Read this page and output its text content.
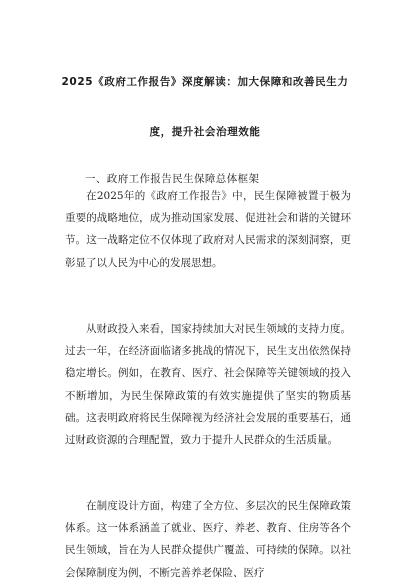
2025《政府工作报告》深度解读：加大保障和改善民生力
度，提升社会治理效能
一、政府工作报告民生保障总体框架

在2025年的《政府工作报告》中，民生保障被置于极为重要的战略地位，成为推动国家发展、促进社会和谐的关键环节。这一战略定位不仅体现了政府对人民需求的深刻洞察，更彰显了以人民为中心的发展思想。

从财政投入来看，国家持续加大对民生领域的支持力度。过去一年，在经济面临诸多挑战的情况下，民生支出依然保持稳定增长。例如，在教育、医疗、社会保障等关键领域的投入不断增加，为民生保障政策的有效实施提供了坚实的物质基础。这表明政府将民生保障视为经济社会发展的重要基石，通过财政资源的合理配置，致力于提升人民群众的生活质量。

在制度设计方面，构建了全方位、多层次的民生保障政策体系。这一体系涵盖了就业、医疗、养老、教育、住房等各个民生领域，旨在为人民群众提供广覆盖、可持续的保障。以社会保障制度为例，不断完善养老保险、医疗
